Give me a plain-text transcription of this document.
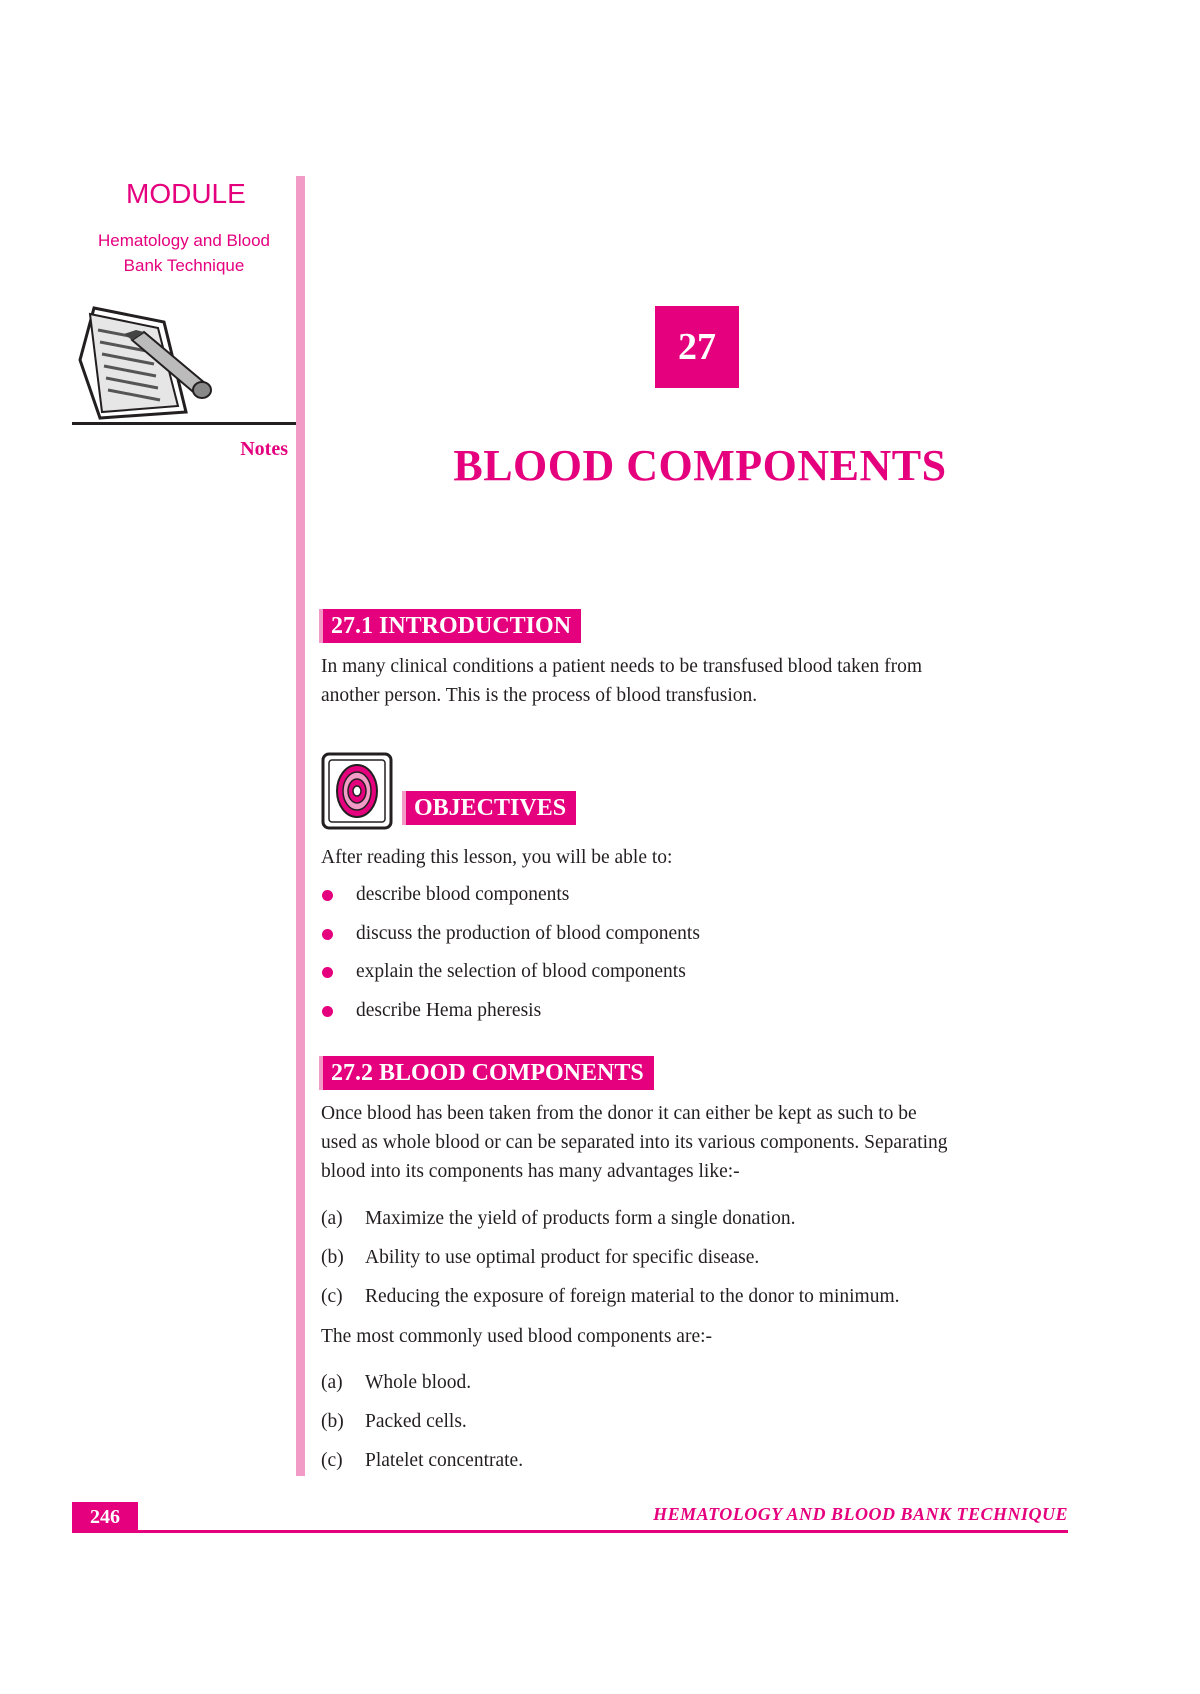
MODULE
Hematology and Blood
Bank Technique
Notes
27
BLOOD COMPONENTS
27.1 INTRODUCTION
In many clinical conditions a patient needs to be transfused blood taken from
another person. This is the process of blood transfusion.
OBJECTIVES
After reading this lesson, you will be able to:
describe blood components
discuss the production of blood components
explain the selection of blood components
describe Hema pheresis
27.2 BLOOD COMPONENTS
Once blood has been taken from the donor it can either be kept as such to be
used as whole blood or can be separated into its various components. Separating
blood into its components has many advantages like:-
(a) Maximize the yield of products form a single donation.
(b) Ability to use optimal product for specific disease.
(c) Reducing the exposure of foreign material to the donor to minimum.
The most commonly used blood components are:-
(a) Whole blood.
(b) Packed cells.
(c) Platelet concentrate.
246	HEMATOLOGY AND BLOOD BANK TECHNIQUE
